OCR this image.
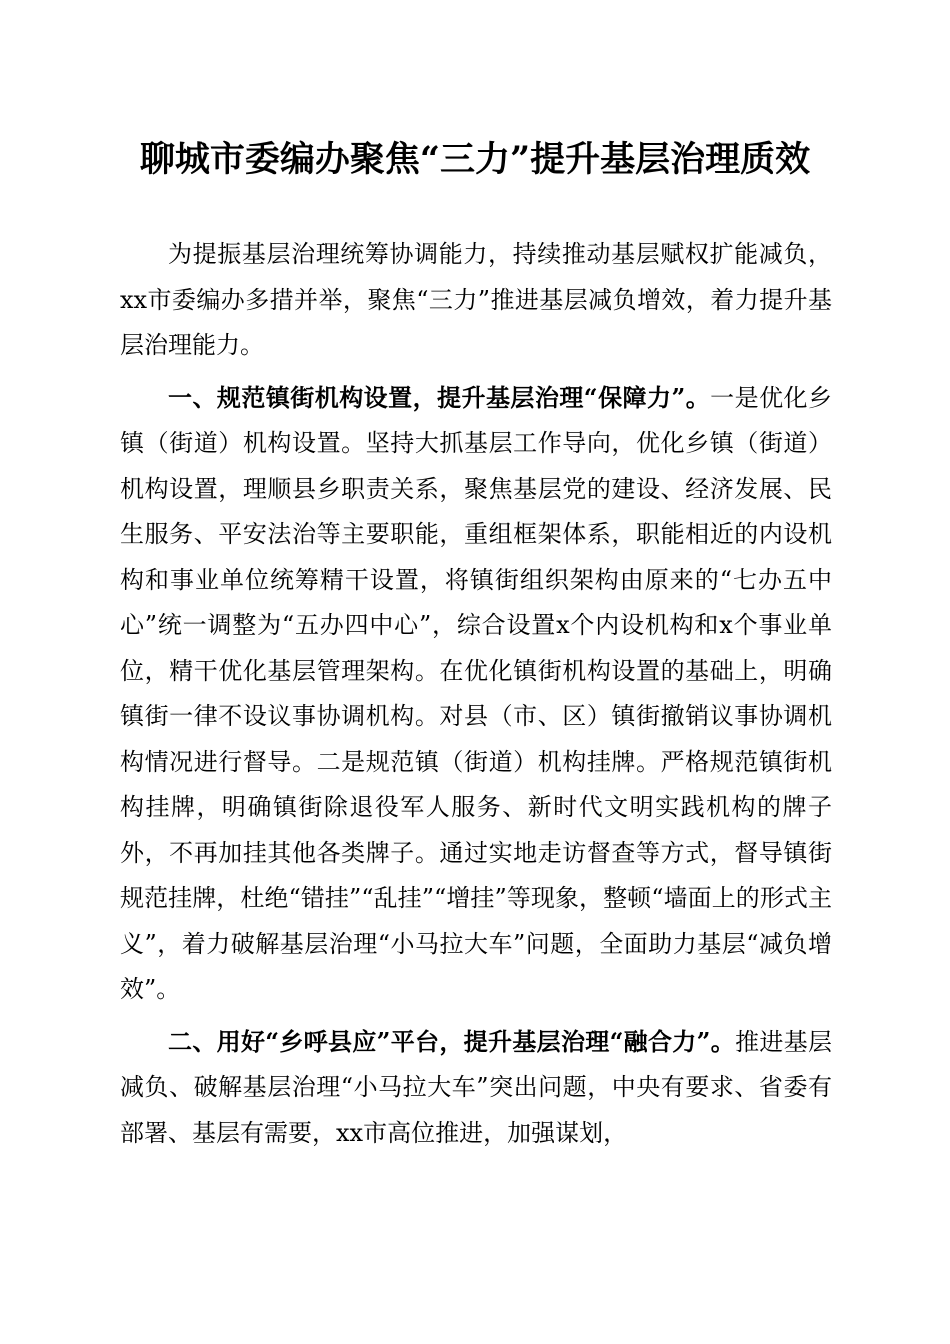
聊城市委编办聚焦“三力”提升基层治理质效

为提振基层治理统筹协调能力，持续推动基层赋权扩能减负，xx市委编办多措并举，聚焦“三力”推进基层减负增效，着力提升基层治理能力。

一、规范镇街机构设置，提升基层治理“保障力”。一是优化乡镇（街道）机构设置。坚持大抓基层工作导向，优化乡镇（街道）机构设置，理顺县乡职责关系，聚焦基层党的建设、经济发展、民生服务、平安法治等主要职能，重组框架体系，职能相近的内设机构和事业单位统筹精干设置，将镇街组织架构由原来的“七办五中心”统一调整为“五办四中心”，综合设置x个内设机构和x个事业单位，精干优化基层管理架构。在优化镇街机构设置的基础上，明确镇街一律不设议事协调机构。对县（市、区）镇街撤销议事协调机构情况进行督导。二是规范镇（街道）机构挂牌。严格规范镇街机构挂牌，明确镇街除退役军人服务、新时代文明实践机构的牌子外，不再加挂其他各类牌子。通过实地走访督查等方式，督导镇街规范挂牌，杜绝“错挂”“乱挂”“增挂”等现象，整顿“墙面上的形式主义”，着力破解基层治理“小马拉大车”问题，全面助力基层“减负增效”。

二、用好“乡呼县应”平台，提升基层治理“融合力”。推进基层减负、破解基层治理“小马拉大车”突出问题，中央有要求、省委有部署、基层有需要，xx市高位推进，加强谋划，
